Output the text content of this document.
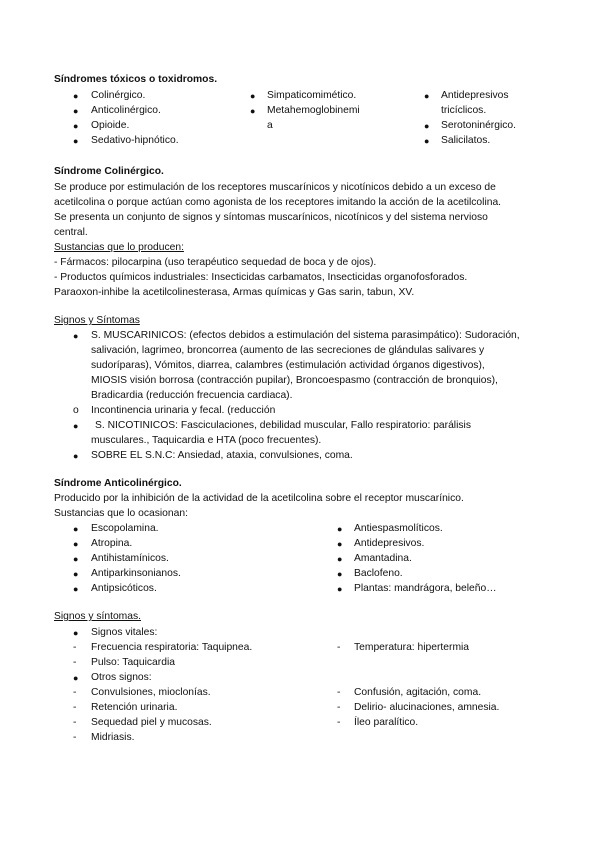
Síndromes tóxicos o toxidromos.
● Colinérgico.
● Anticolinérgico.
● Opioide.
● Sedativo-hipnótico.
● Simpaticomimético.
● Metahemoglobinemi
a
● Antidepresivos
tricíclicos.
● Serotoninérgico.
● Salicilatos.
Síndrome Colinérgico.
Se produce por estimulación de los receptores muscarínicos y nicotínicos debido a un exceso de
acetilcolina o porque actúan como agonista de los receptores imitando la acción de la acetilcolina.
Se presenta un conjunto de signos y síntomas muscarínicos, nicotínicos y del sistema nervioso
central.
Sustancias que lo producen:
- Fármacos: pilocarpina (uso terapéutico sequedad de boca y de ojos).
- Productos químicos industriales: Insecticidas carbamatos, Insecticidas organofosforados.
Paraoxon-inhibe la acetilcolinesterasa, Armas químicas y Gas sarin, tabun, XV.
Signos y Síntomas
● S. MUSCARINICOS: (efectos debidos a estimulación del sistema parasimpático): Sudoración,
salivación, lagrimeo, broncorrea (aumento de las secreciones de glándulas salivares y
sudoríparas), Vómitos, diarrea, calambres (estimulación actividad órganos digestivos),
MIOSIS visión borrosa (contracción pupilar), Broncoespasmo (contracción de bronquios),
Bradicardia (reducción frecuencia cardiaca).
o Incontinencia urinaria y fecal. (reducción
● S. NICOTINICOS: Fasciculaciones, debilidad muscular, Fallo respiratorio: parálisis
musculares., Taquicardia e HTA (poco frecuentes).
● SOBRE EL S.N.C: Ansiedad, ataxia, convulsiones, coma.
Síndrome Anticolinérgico.
Producido por la inhibición de la actividad de la acetilcolina sobre el receptor muscarínico.
Sustancias que lo ocasionan:
● Escopolamina.
● Atropina.
● Antihistamínicos.
● Antiparkinsonianos.
● Antipsicóticos.
● Antiespasmolíticos.
● Antidepresivos.
● Amantadina.
● Baclofeno.
● Plantas: mandrágora, beleño…
Signos y síntomas.
● Signos vitales:
- Frecuencia respiratoria: Taquipnea.	- Temperatura: hipertermia
- Pulso: Taquicardia
● Otros signos:
- Convulsiones, mioclonías.
- Retención urinaria.
- Sequedad piel y mucosas.
- Midriasis.
- Confusión, agitación, coma.
- Delirio- alucinaciones, amnesia.
- Íleo paralítico.
